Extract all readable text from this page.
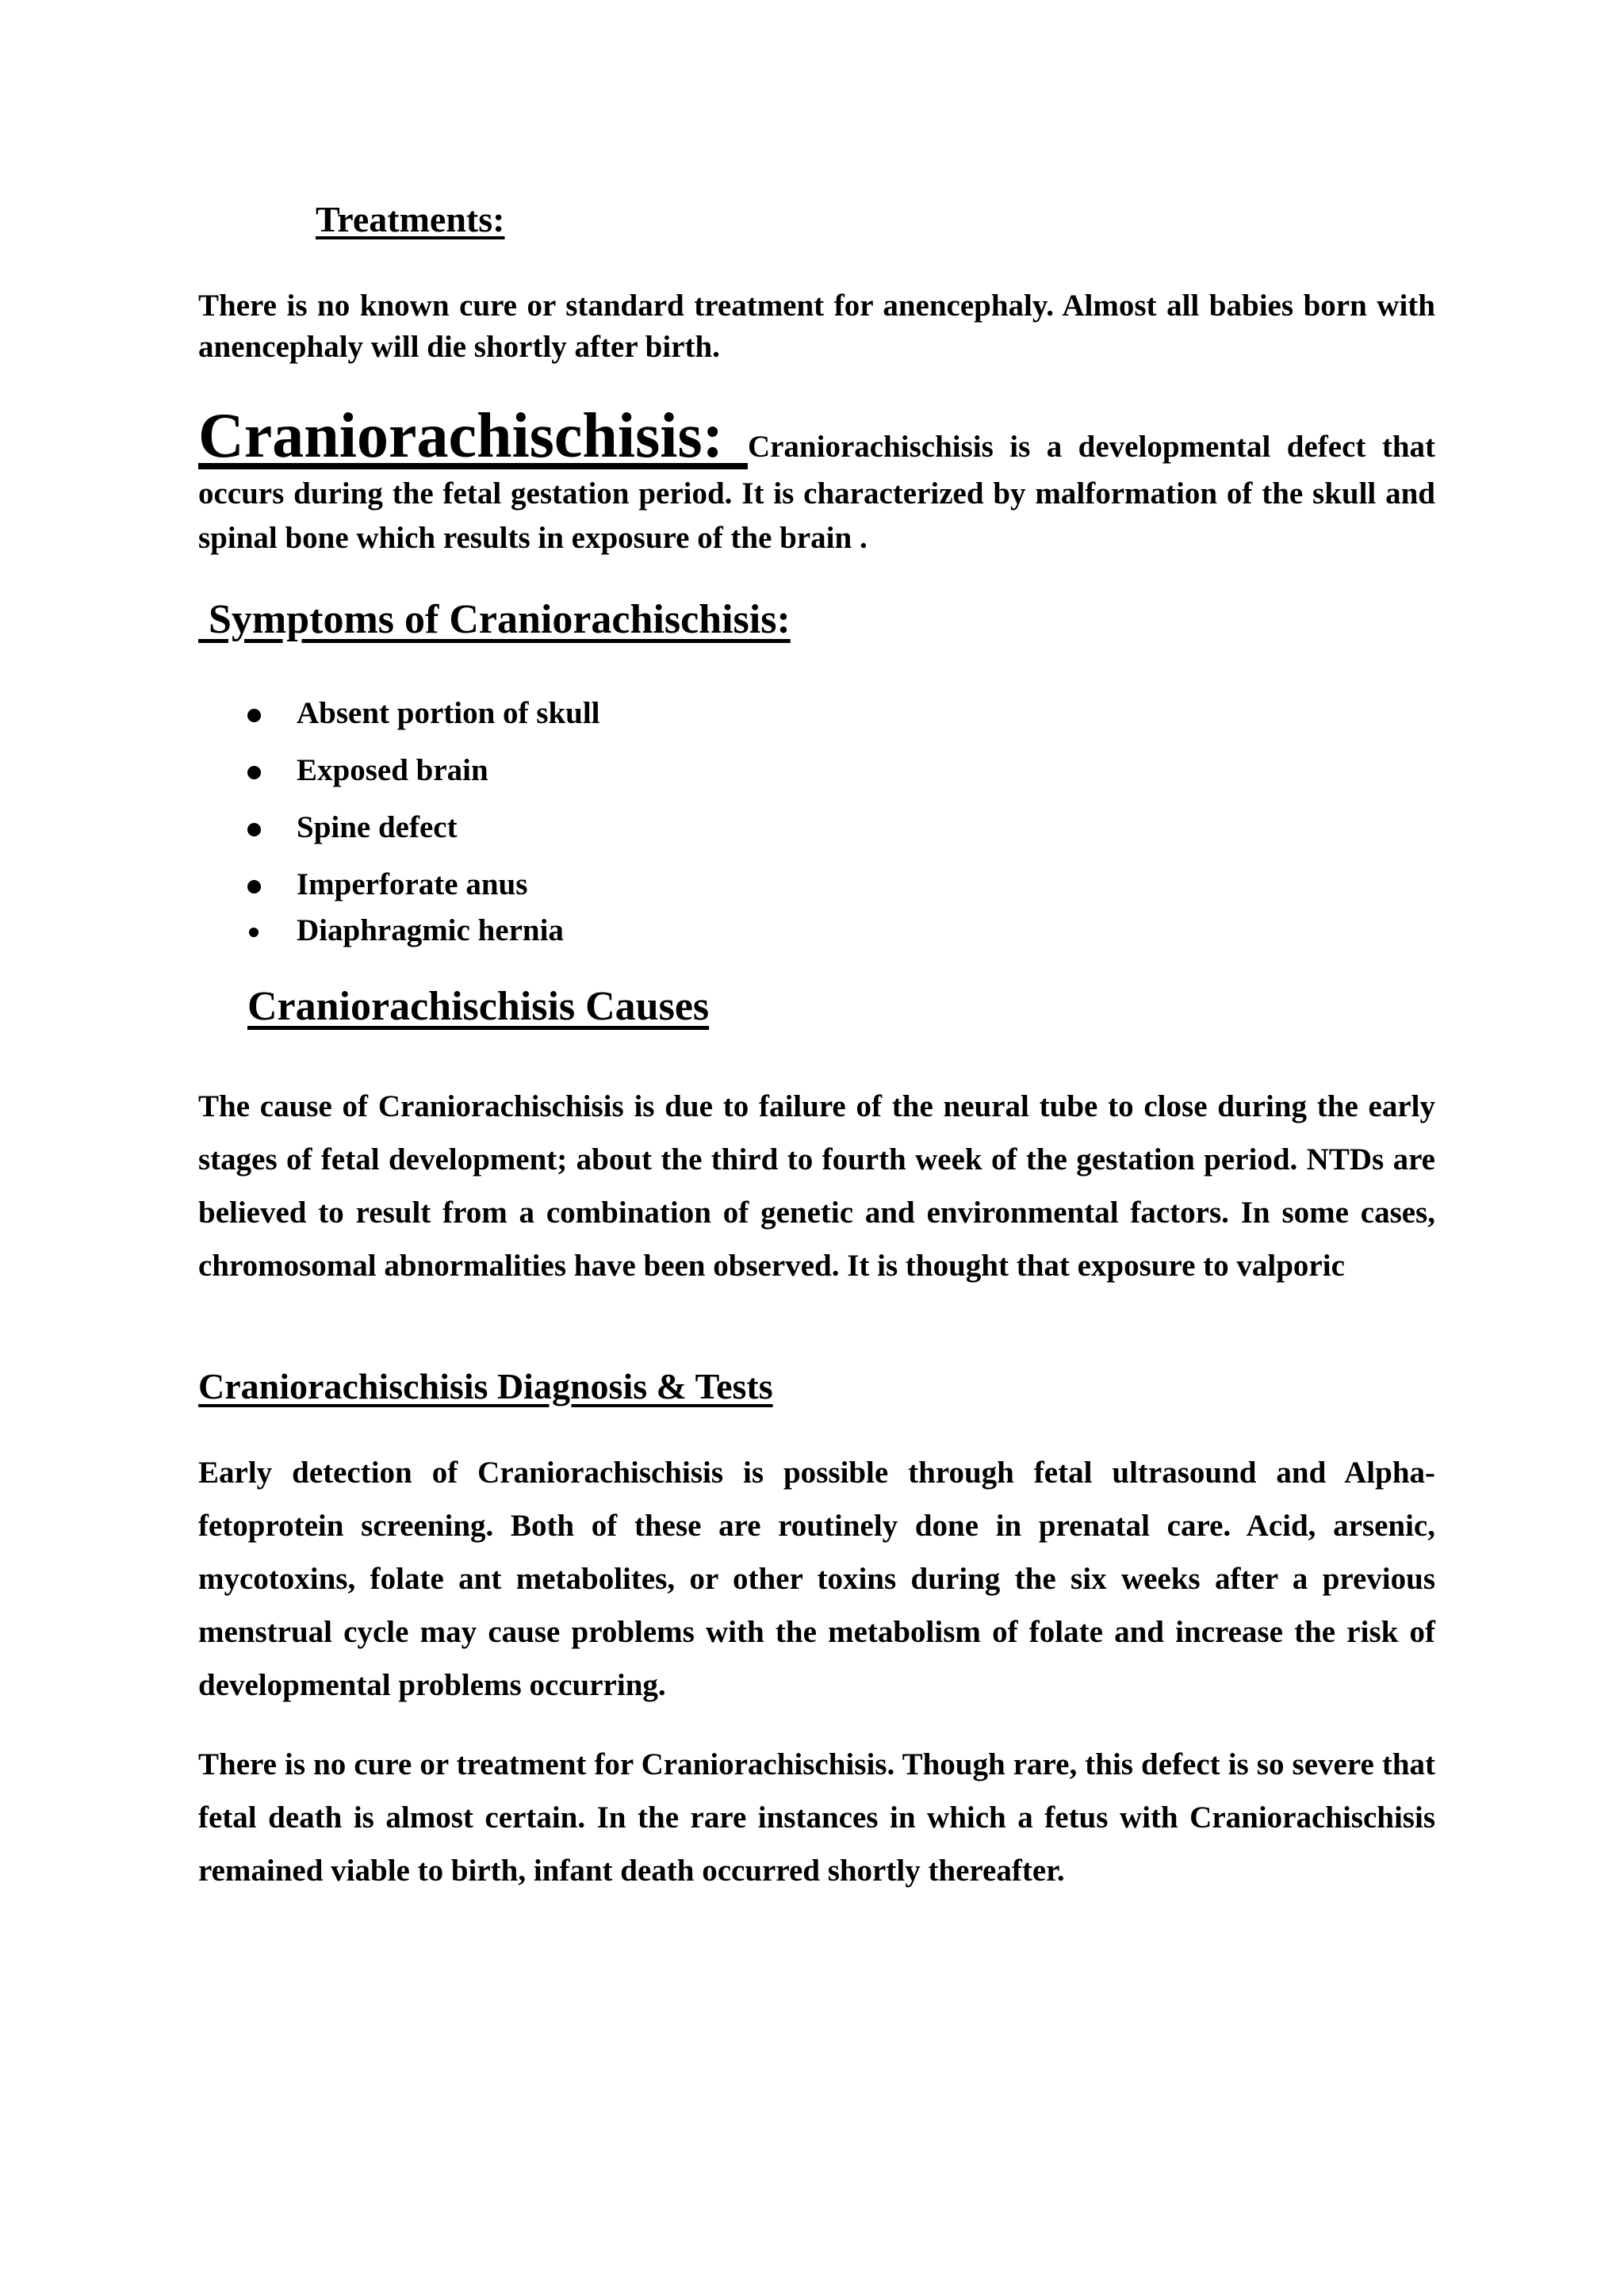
Treatments:

There is no known cure or standard treatment for anencephaly. Almost all babies born with anencephaly will die shortly after birth.

Craniorachischisis: Craniorachischisis is a developmental defect that occurs during the fetal gestation period. It is characterized by malformation of the skull and spinal bone which results in exposure of the brain .

Symptoms of Craniorachischisis:
Absent portion of skull
Exposed brain
Spine defect
Imperforate anus
Diaphragmic hernia
Craniorachischisis Causes

The cause of Craniorachischisis is due to failure of the neural tube to close during the early stages of fetal development; about the third to fourth week of the gestation period. NTDs are believed to result from a combination of genetic and environmental factors. In some cases, chromosomal abnormalities have been observed. It is thought that exposure to valporic

Craniorachischisis Diagnosis & Tests

Early detection of Craniorachischisis is possible through fetal ultrasound and Alpha-fetoprotein screening. Both of these are routinely done in prenatal care. Acid, arsenic, mycotoxins, folate ant metabolites, or other toxins during the six weeks after a previous menstrual cycle may cause problems with the metabolism of folate and increase the risk of developmental problems occurring.

There is no cure or treatment for Craniorachischisis. Though rare, this defect is so severe that fetal death is almost certain. In the rare instances in which a fetus with Craniorachischisis remained viable to birth, infant death occurred shortly thereafter.
